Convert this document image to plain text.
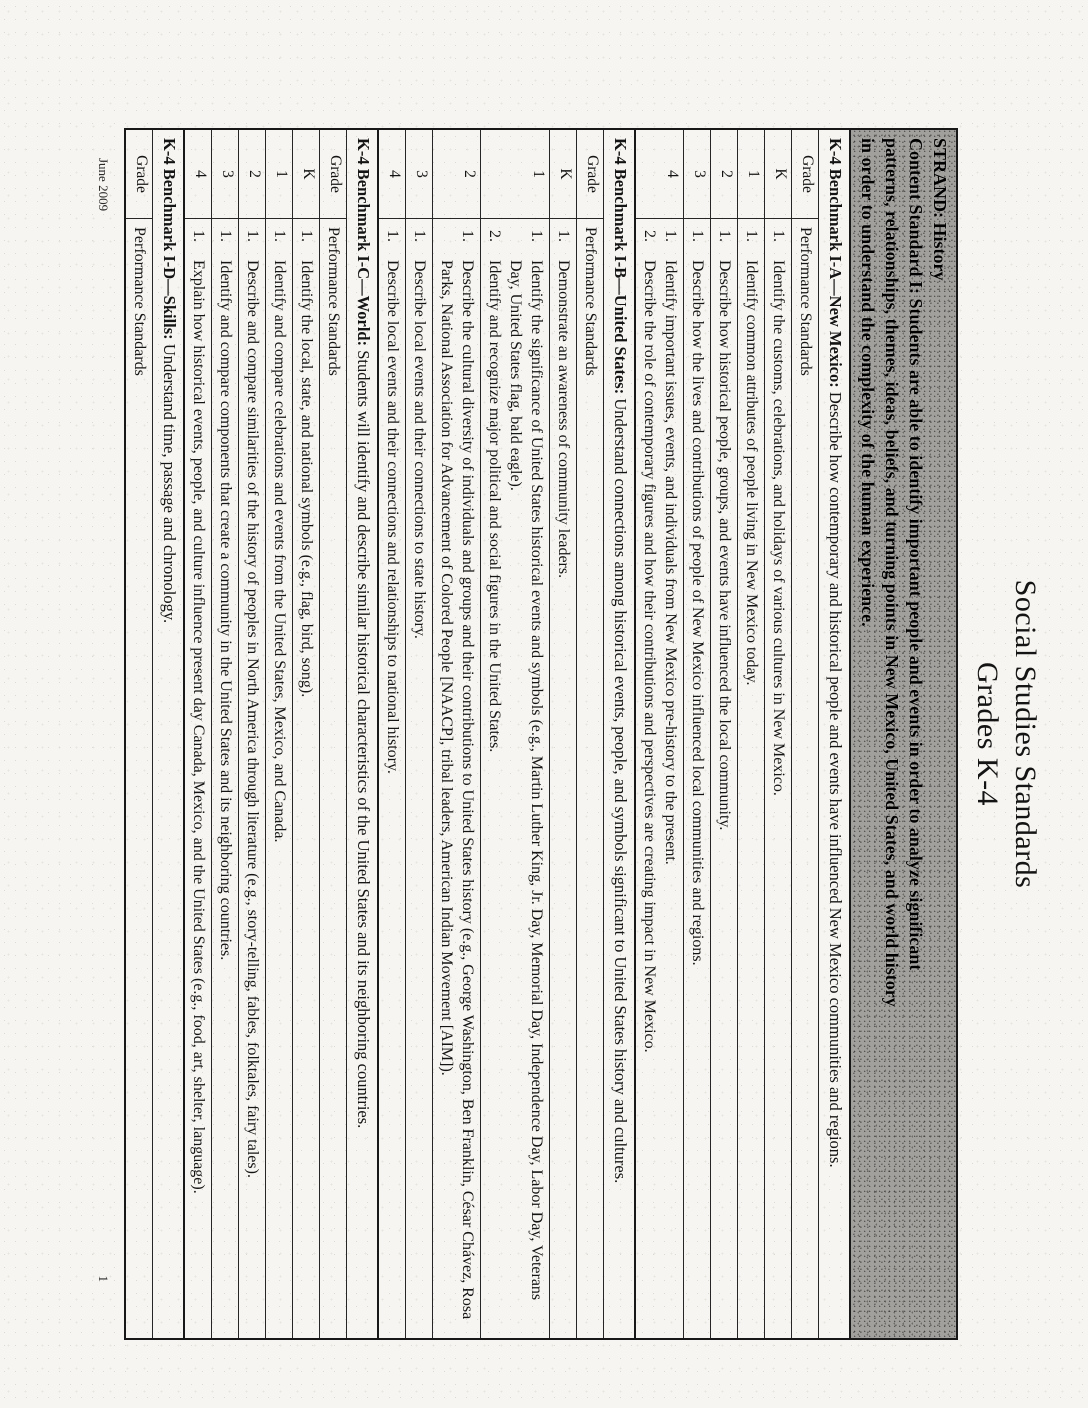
Social Studies Standards
Grades K-4
STRAND: History
Content Standard I: Students are able to identify important people and events in order to analyze significant
patterns, relationships, themes, ideas, beliefs, and turning points in New Mexico, United States, and world history
in order to understand the complexity of the human experience.
K-4 Benchmark I-A—New Mexico: Describe how contemporary and historical people and events have influenced New Mexico communities and regions.
Grade
Performance Standards
K
1.
Identify the customs, celebrations, and holidays of various cultures in New Mexico.
1
1.
Identify common attributes of people living in New Mexico today.
2
1.
Describe how historical people, groups, and events have influenced the local community.
3
1.
Describe how the lives and contributions of people of New Mexico influenced local communities and regions.
4
1.
Identify important issues, events, and individuals from New Mexico pre-history to the present.
2.
Describe the role of contemporary figures and how their contributions and perspectives are creating impact in New Mexico.
K-4 Benchmark I-B—United States: Understand connections among historical events, people, and symbols significant to United States history and cultures.
Grade
Performance Standards
K
1.
Demonstrate an awareness of community leaders.
1
1.
Identify the significance of United States historical events and symbols (e.g., Martin Luther King, Jr. Day, Memorial Day, Independence Day, Labor Day, Veterans Day, United States flag, bald eagle).
2.
Identify and recognize major political and social figures in the United States.
2
1.
Describe the cultural diversity of individuals and groups and their contributions to United States history (e.g., George Washington, Ben Franklin, César Chávez, Rosa Parks, National Association for Advancement of Colored People [NAACP], tribal leaders, American Indian Movement [AIM]).
3
1.
Describe local events and their connections to state history.
4
1.
Describe local events and their connections and relationships to national history.
K-4 Benchmark I-C—World: Students will identify and describe similar historical characteristics of the United States and its neighboring countries.
Grade
Performance Standards
K
1.
Identify the local, state, and national symbols (e.g., flag, bird, song).
1
1.
Identify and compare celebrations and events from the United States, Mexico, and Canada.
2
1.
Describe and compare similarities of the history of peoples in North America through literature (e.g., story-telling, fables, folktales, fairy tales).
3
1.
Identify and compare components that create a community in the United States and its neighboring countries.
4
1.
Explain how historical events, people, and culture influence present day Canada, Mexico, and the United States (e.g., food, art, shelter, language).
K-4 Benchmark I-D—Skills: Understand time, passage and chronology.
Grade
Performance Standards
June 2009
1
